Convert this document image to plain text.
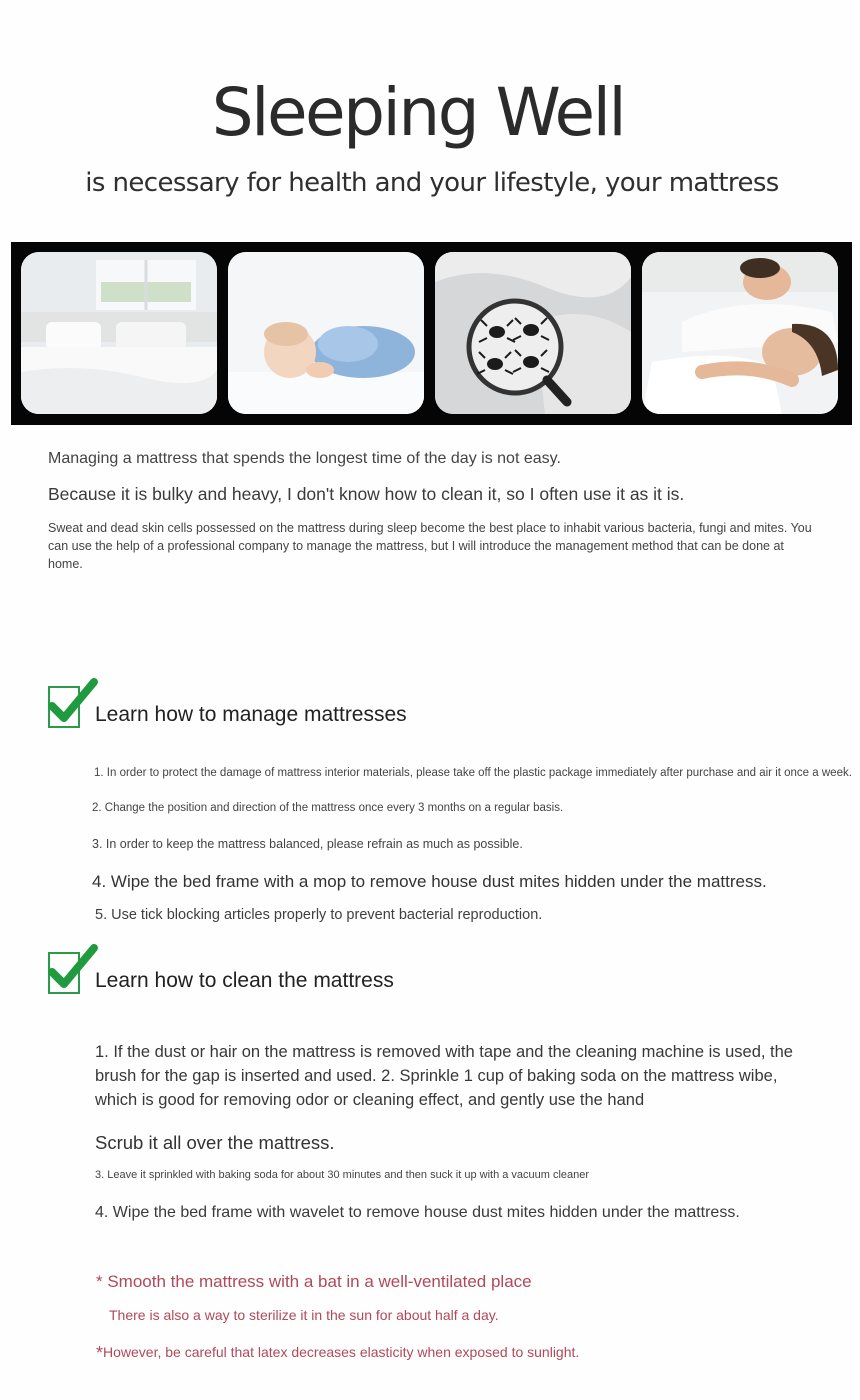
Sleeping Well
is necessary for health and your lifestyle, your mattress
Managing a mattress that spends the longest time of the day is not easy.
Because it is bulky and heavy, I don't know how to clean it, so I often use it as it is.
Sweat and dead skin cells possessed on the mattress during sleep become the best place to inhabit various bacteria, fungi and mites. You can use the help of a professional company to manage the mattress, but I will introduce the management method that can be done at home.
Learn how to manage mattresses
1. In order to protect the damage of mattress interior materials, please take off the plastic package immediately after purchase and air it once a week.
2. Change the position and direction of the mattress once every 3 months on a regular basis.
3. In order to keep the mattress balanced, please refrain as much as possible.
4. Wipe the bed frame with a mop to remove house dust mites hidden under the mattress.
5. Use tick blocking articles properly to prevent bacterial reproduction.
Learn how to clean the mattress
1. If the dust or hair on the mattress is removed with tape and the cleaning machine is used, the brush for the gap is inserted and used. 2. Sprinkle 1 cup of baking soda on the mattress wibe, which is good for removing odor or cleaning effect, and gently use the hand
Scrub it all over the mattress.
3. Leave it sprinkled with baking soda for about 30 minutes and then suck it up with a vacuum cleaner
4. Wipe the bed frame with wavelet to remove house dust mites hidden under the mattress.
* Smooth the mattress with a bat in a well-ventilated place
There is also a way to sterilize it in the sun for about half a day.
*However, be careful that latex decreases elasticity when exposed to sunlight.
